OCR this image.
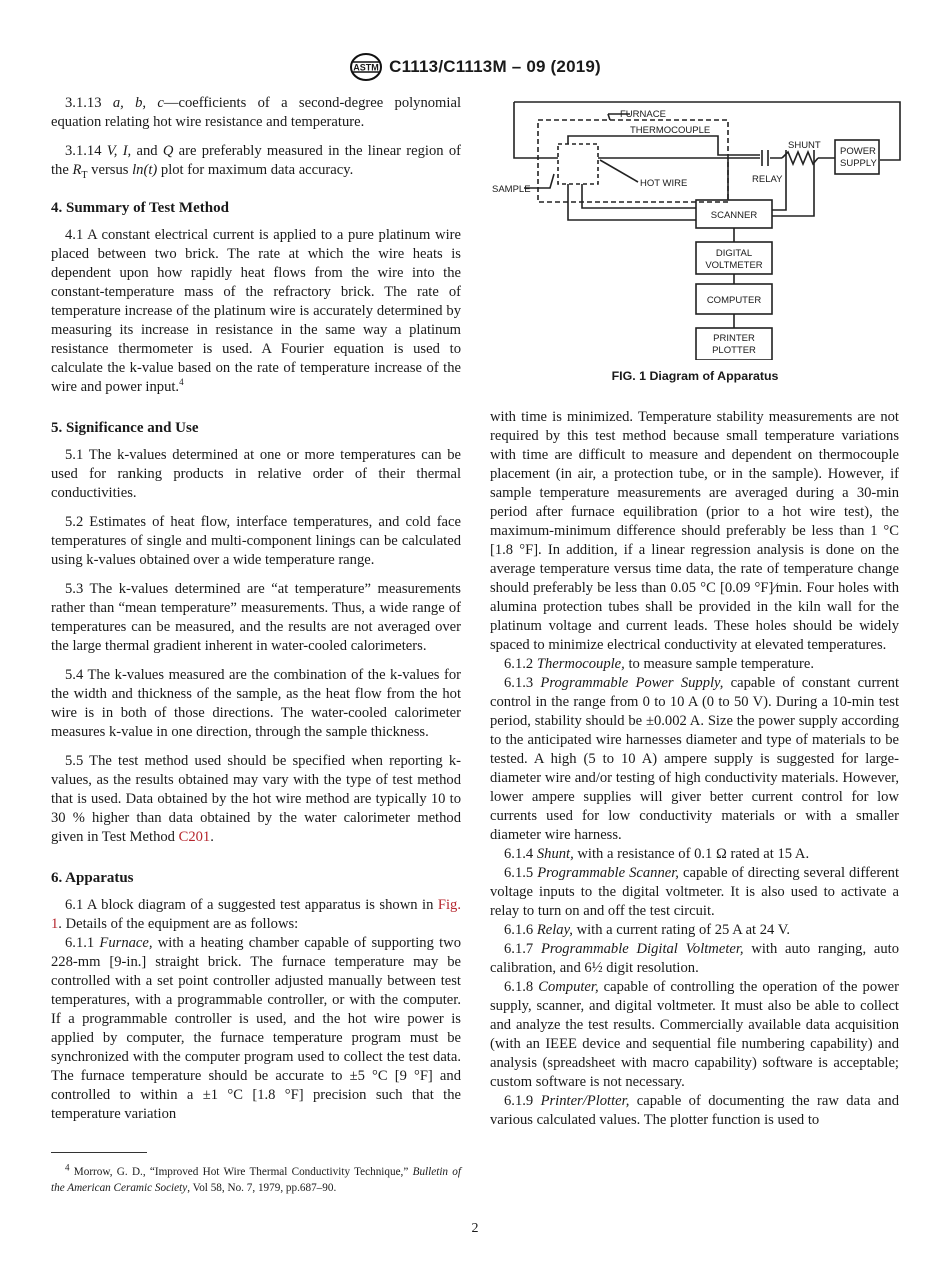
ASTM C1113/C1113M – 09 (2019)

3.1.13 a, b, c—coefficients of a second-degree polynomial equation relating hot wire resistance and temperature.

3.1.14 V, I, and Q are preferably measured in the linear region of the $R_T$ versus ln(t) plot for maximum data accuracy.

4. Summary of Test Method

4.1 A constant electrical current is applied to a pure platinum wire placed between two brick. The rate at which the wire heats is dependent upon how rapidly heat flows from the wire into the constant-temperature mass of the refractory brick. The rate of temperature increase of the platinum wire is accurately determined by measuring its increase in resistance in the same way a platinum resistance thermometer is used. A Fourier equation is used to calculate the k-value based on the rate of temperature increase of the wire and power input.$^4$

5. Significance and Use

5.1 The k-values determined at one or more temperatures can be used for ranking products in relative order of their thermal conductivities.

5.2 Estimates of heat flow, interface temperatures, and cold face temperatures of single and multi-component linings can be calculated using k-values obtained over a wide temperature range.

5.3 The k-values determined are “at temperature” measurements rather than “mean temperature” measurements. Thus, a wide range of temperatures can be measured, and the results are not averaged over the large thermal gradient inherent in water-cooled calorimeters.

5.4 The k-values measured are the combination of the k-values for the width and thickness of the sample, as the heat flow from the hot wire is in both of those directions. The water-cooled calorimeter measures k-value in one direction, through the sample thickness.

5.5 The test method used should be specified when reporting k-values, as the results obtained may vary with the type of test method that is used. Data obtained by the hot wire method are typically 10 to 30 % higher than data obtained by the water calorimeter method given in Test Method C201.

6. Apparatus

6.1 A block diagram of a suggested test apparatus is shown in Fig. 1. Details of the equipment are as follows:

6.1.1 Furnace, with a heating chamber capable of supporting two 228-mm [9-in.] straight brick. The furnace temperature may be controlled with a set point controller adjusted manually between test temperatures, with a programmable controller, or with the computer. If a programmable controller is used, and the hot wire power is applied by computer, the furnace temperature program must be synchronized with the computer program used to collect the test data. The furnace temperature should be accurate to ±5 °C [9 °F] and controlled to within a ±1 °C [1.8 °F] precision such that the temperature variation

$^4$ Morrow, G. D., “Improved Hot Wire Thermal Conductivity Technique,” Bulletin of the American Ceramic Society, Vol 58, No. 7, 1979, pp.687–90.
FURNACE
THERMOCOUPLE
SHUNT
POWER
SUPPLY
RELAY
SAMPLE
HOT WIRE
SCANNER
DIGITAL
VOLTMETER
COMPUTER
PRINTER
PLOTTER
FIG. 1 Diagram of Apparatus

with time is minimized. Temperature stability measurements are not required by this test method because small temperature variations with time are difficult to measure and dependent on thermocouple placement (in air, a protection tube, or in the sample). However, if sample temperature measurements are averaged during a 30-min period after furnace equilibration (prior to a hot wire test), the maximum-minimum difference should preferably be less than 1 °C [1.8 °F]. In addition, if a linear regression analysis is done on the average temperature versus time data, the rate of temperature change should preferably be less than 0.05 °C [0.09 °F]⁄min. Four holes with alumina protection tubes shall be provided in the kiln wall for the platinum voltage and current leads. These holes should be widely spaced to minimize electrical conductivity at elevated temperatures.

6.1.2 Thermocouple, to measure sample temperature.

6.1.3 Programmable Power Supply, capable of constant current control in the range from 0 to 10 A (0 to 50 V). During a 10-min test period, stability should be ±0.002 A. Size the power supply according to the anticipated wire harnesses diameter and type of materials to be tested. A high (5 to 10 A) ampere supply is suggested for large-diameter wire and/or testing of high conductivity materials. However, lower ampere supplies will giver better current control for low currents used for low conductivity materials or with a smaller diameter wire harness.

6.1.4 Shunt, with a resistance of 0.1 Ω rated at 15 A.

6.1.5 Programmable Scanner, capable of directing several different voltage inputs to the digital voltmeter. It is also used to activate a relay to turn on and off the test circuit.

6.1.6 Relay, with a current rating of 25 A at 24 V.

6.1.7 Programmable Digital Voltmeter, with auto ranging, auto calibration, and 6½ digit resolution.

6.1.8 Computer, capable of controlling the operation of the power supply, scanner, and digital voltmeter. It must also be able to collect and analyze the test results. Commercially available data acquisition (with an IEEE device and sequential file numbering capability) and analysis (spreadsheet with macro capability) software is acceptable; custom software is not necessary.

6.1.9 Printer/Plotter, capable of documenting the raw data and various calculated values. The plotter function is used to

2
